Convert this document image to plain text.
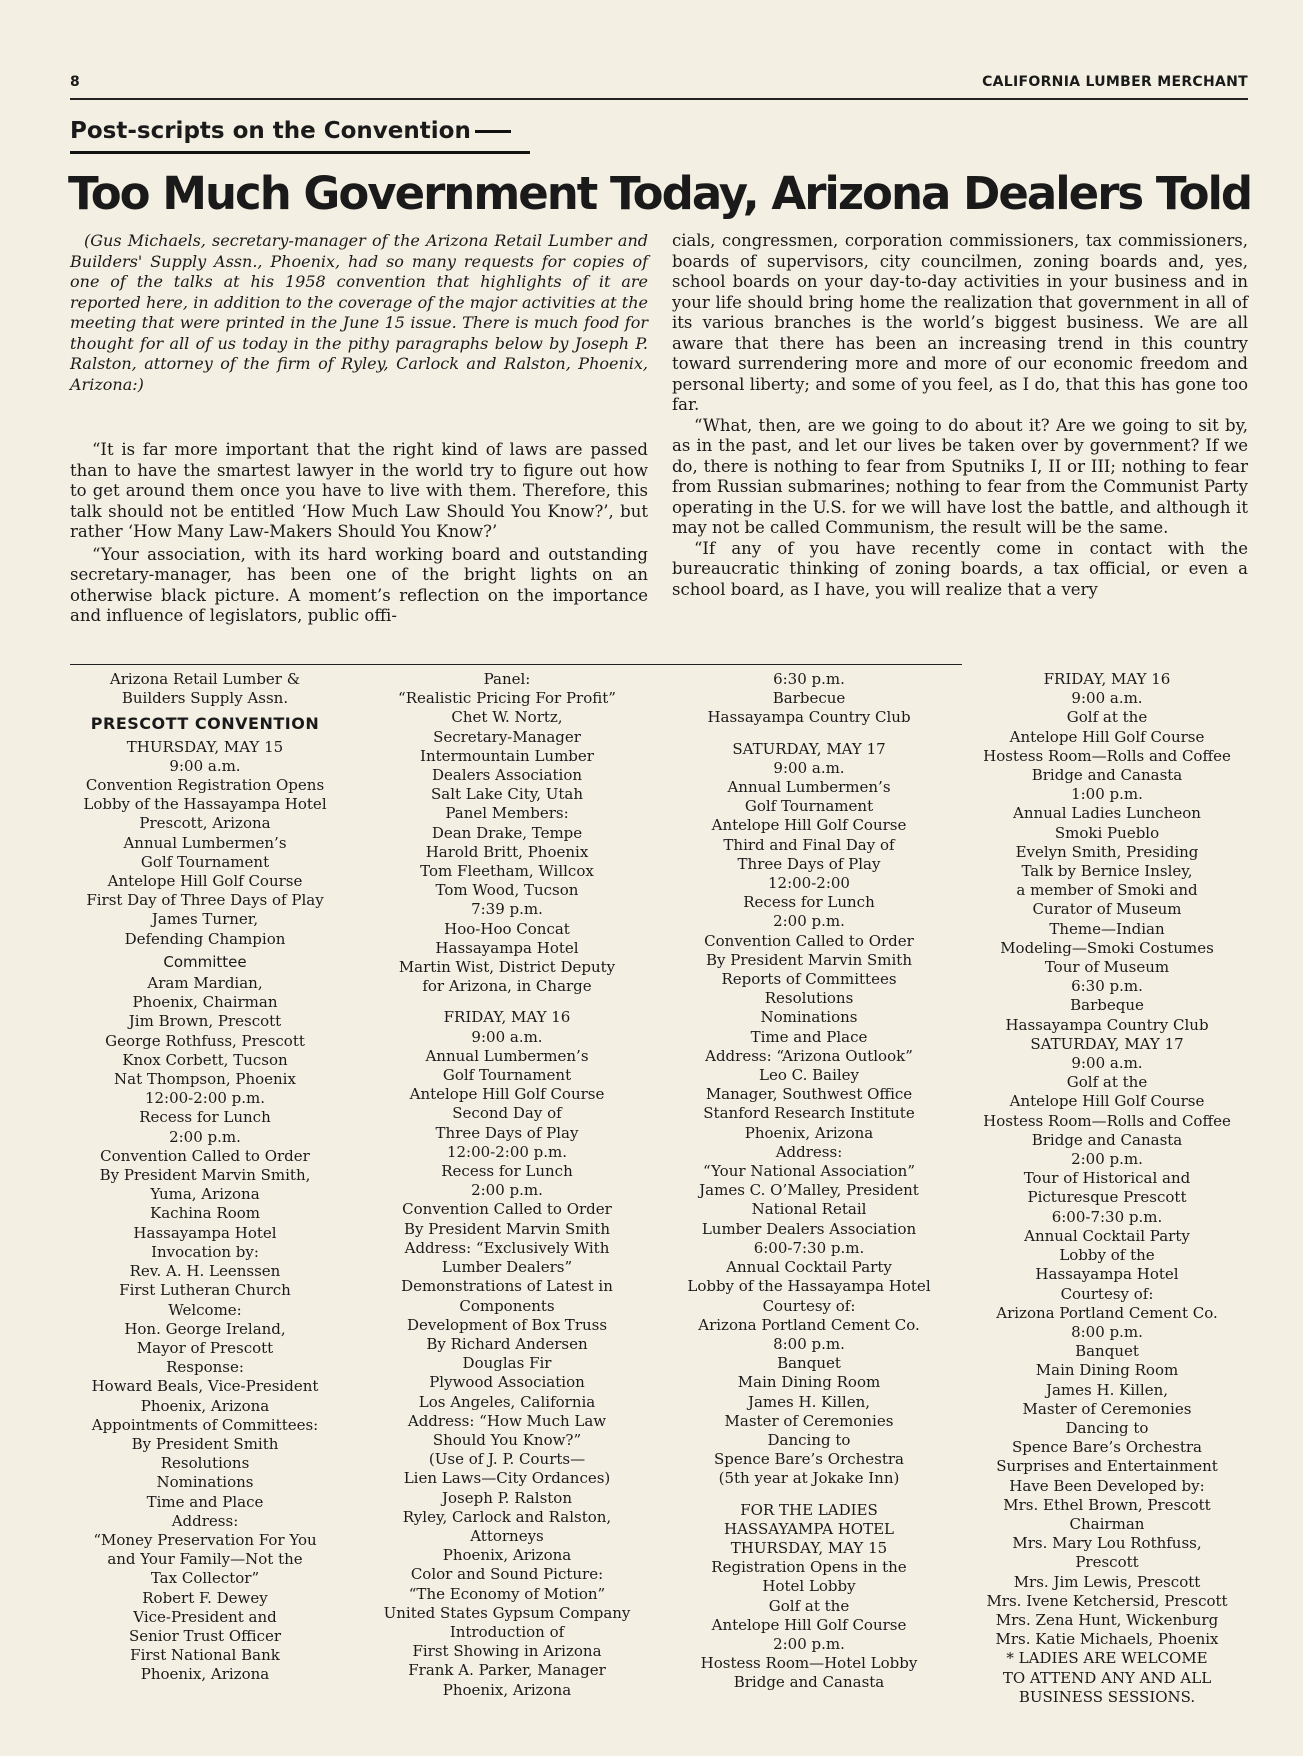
8	CALIFORNIA LUMBER MERCHANT
Post-scripts on the Convention
Too Much Government Today, Arizona Dealers Told

(Gus Michaels, secretary-manager of the Arizona Retail Lumber and Builders' Supply Assn., Phoenix, had so many requests for copies of one of the talks at his 1958 convention that highlights of it are reported here, in addition to the coverage of the major activities at the meeting that were printed in the June 15 issue. There is much food for thought for all of us today in the pithy paragraphs below by Joseph P. Ralston, attorney of the firm of Ryley, Carlock and Ralston, Phoenix, Arizona:)

“It is far more important that the right kind of laws are passed than to have the smartest lawyer in the world try to figure out how to get around them once you have to live with them. Therefore, this talk should not be entitled ‘How Much Law Should You Know?’, but rather ‘How Many Law-Makers Should You Know?’

“Your association, with its hard working board and outstanding secretary-manager, has been one of the bright lights on an otherwise black picture. A moment’s reflection on the importance and influence of legislators, public offi-

cials, congressmen, corporation commissioners, tax commissioners, boards of supervisors, city councilmen, zoning boards and, yes, school boards on your day-to-day activities in your business and in your life should bring home the realization that government in all of its various branches is the world’s biggest business. We are all aware that there has been an increasing trend in this country toward surrendering more and more of our economic freedom and personal liberty; and some of you feel, as I do, that this has gone too far.

“What, then, are we going to do about it? Are we going to sit by, as in the past, and let our lives be taken over by government? If we do, there is nothing to fear from Sputniks I, II or III; nothing to fear from Russian submarines; nothing to fear from the Communist Party operating in the U.S. for we will have lost the battle, and although it may not be called Communism, the result will be the same.

“If any of you have recently come in contact with the bureaucratic thinking of zoning boards, a tax official, or even a school board, as I have, you will realize that a very

Arizona Retail Lumber &
Builders Supply Assn.
PRESCOTT CONVENTION
THURSDAY, MAY 15
9:00 a.m.
Convention Registration Opens
Lobby of the Hassayampa Hotel
Prescott, Arizona
Annual Lumbermen’s
Golf Tournament
Antelope Hill Golf Course
First Day of Three Days of Play
James Turner,
Defending Champion
Committee
Aram Mardian,
Phoenix, Chairman
Jim Brown, Prescott
George Rothfuss, Prescott
Knox Corbett, Tucson
Nat Thompson, Phoenix
12:00-2:00 p.m.
Recess for Lunch
2:00 p.m.
Convention Called to Order
By President Marvin Smith,
Yuma, Arizona
Kachina Room
Hassayampa Hotel
Invocation by:
Rev. A. H. Leenssen
First Lutheran Church
Welcome:
Hon. George Ireland,
Mayor of Prescott
Response:
Howard Beals, Vice-President
Phoenix, Arizona
Appointments of Committees:
By President Smith
Resolutions
Nominations
Time and Place
Address:
“Money Preservation For You
and Your Family—Not the
Tax Collector”
Robert F. Dewey
Vice-President and
Senior Trust Officer
First National Bank
Phoenix, Arizona
Panel:
“Realistic Pricing For Profit”
Chet W. Nortz,
Secretary-Manager
Intermountain Lumber
Dealers Association
Salt Lake City, Utah
Panel Members:
Dean Drake, Tempe
Harold Britt, Phoenix
Tom Fleetham, Willcox
Tom Wood, Tucson
7:39 p.m.
Hoo-Hoo Concat
Hassayampa Hotel
Martin Wist, District Deputy
for Arizona, in Charge
FRIDAY, MAY 16
9:00 a.m.
Annual Lumbermen’s
Golf Tournament
Antelope Hill Golf Course
Second Day of
Three Days of Play
12:00-2:00 p.m.
Recess for Lunch
2:00 p.m.
Convention Called to Order
By President Marvin Smith
Address: “Exclusively With
Lumber Dealers”
Demonstrations of Latest in
Components
Development of Box Truss
By Richard Andersen
Douglas Fir
Plywood Association
Los Angeles, California
Address: “How Much Law
Should You Know?”
(Use of J. P. Courts—
Lien Laws—City Ordances)
Joseph P. Ralston
Ryley, Carlock and Ralston,
Attorneys
Phoenix, Arizona
Color and Sound Picture:
“The Economy of Motion”
United States Gypsum Company
Introduction of
First Showing in Arizona
Frank A. Parker, Manager
Phoenix, Arizona
6:30 p.m.
Barbecue
Hassayampa Country Club
SATURDAY, MAY 17
9:00 a.m.
Annual Lumbermen’s
Golf Tournament
Antelope Hill Golf Course
Third and Final Day of
Three Days of Play
12:00-2:00
Recess for Lunch
2:00 p.m.
Convention Called to Order
By President Marvin Smith
Reports of Committees
Resolutions
Nominations
Time and Place
Address: “Arizona Outlook”
Leo C. Bailey
Manager, Southwest Office
Stanford Research Institute
Phoenix, Arizona
Address:
“Your National Association”
James C. O’Malley, President
National Retail
Lumber Dealers Association
6:00-7:30 p.m.
Annual Cocktail Party
Lobby of the Hassayampa Hotel
Courtesy of:
Arizona Portland Cement Co.
8:00 p.m.
Banquet
Main Dining Room
James H. Killen,
Master of Ceremonies
Dancing to
Spence Bare’s Orchestra
(5th year at Jokake Inn)
FOR THE LADIES
HASSAYAMPA HOTEL
THURSDAY, MAY 15
Registration Opens in the
Hotel Lobby
Golf at the
Antelope Hill Golf Course
2:00 p.m.
Hostess Room—Hotel Lobby
Bridge and Canasta
FRIDAY, MAY 16
9:00 a.m.
Golf at the
Antelope Hill Golf Course
Hostess Room—Rolls and Coffee
Bridge and Canasta
1:00 p.m.
Annual Ladies Luncheon
Smoki Pueblo
Evelyn Smith, Presiding
Talk by Bernice Insley,
a member of Smoki and
Curator of Museum
Theme—Indian
Modeling—Smoki Costumes
Tour of Museum
6:30 p.m.
Barbeque
Hassayampa Country Club
SATURDAY, MAY 17
9:00 a.m.
Golf at the
Antelope Hill Golf Course
Hostess Room—Rolls and Coffee
Bridge and Canasta
2:00 p.m.
Tour of Historical and
Picturesque Prescott
6:00-7:30 p.m.
Annual Cocktail Party
Lobby of the
Hassayampa Hotel
Courtesy of:
Arizona Portland Cement Co.
8:00 p.m.
Banquet
Main Dining Room
James H. Killen,
Master of Ceremonies
Dancing to
Spence Bare’s Orchestra
Surprises and Entertainment
Have Been Developed by:
Mrs. Ethel Brown, Prescott
Chairman
Mrs. Mary Lou Rothfuss,
Prescott
Mrs. Jim Lewis, Prescott
Mrs. Ivene Ketchersid, Prescott
Mrs. Zena Hunt, Wickenburg
Mrs. Katie Michaels, Phoenix
* LADIES ARE WELCOME
TO ATTEND ANY AND ALL
BUSINESS SESSIONS.
